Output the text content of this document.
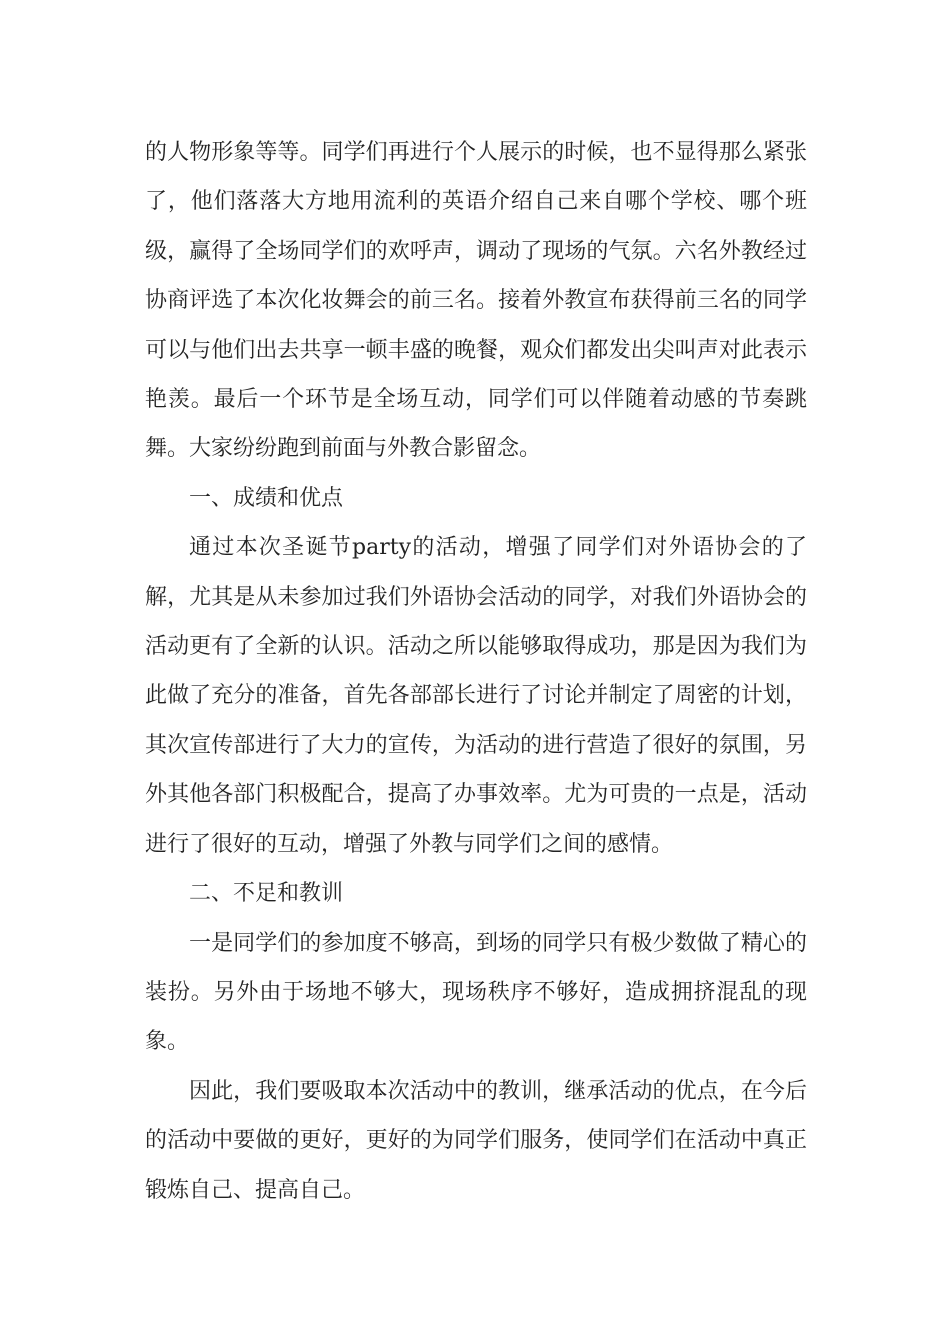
的人物形象等等。同学们再进行个人展示的时候，也不显得那么紧张了，他们落落大方地用流利的英语介绍自己来自哪个学校、哪个班级，赢得了全场同学们的欢呼声，调动了现场的气氛。六名外教经过协商评选了本次化妆舞会的前三名。接着外教宣布获得前三名的同学可以与他们出去共享一顿丰盛的晚餐，观众们都发出尖叫声对此表示艳羡。最后一个环节是全场互动，同学们可以伴随着动感的节奏跳舞。大家纷纷跑到前面与外教合影留念。

一、成绩和优点

通过本次圣诞节party的活动，增强了同学们对外语协会的了解，尤其是从未参加过我们外语协会活动的同学，对我们外语协会的活动更有了全新的认识。活动之所以能够取得成功，那是因为我们为此做了充分的准备，首先各部部长进行了讨论并制定了周密的计划，其次宣传部进行了大力的宣传，为活动的进行营造了很好的氛围，另外其他各部门积极配合，提高了办事效率。尤为可贵的一点是，活动进行了很好的互动，增强了外教与同学们之间的感情。

二、不足和教训

一是同学们的参加度不够高，到场的同学只有极少数做了精心的装扮。另外由于场地不够大，现场秩序不够好，造成拥挤混乱的现象。

因此，我们要吸取本次活动中的教训，继承活动的优点，在今后的活动中要做的更好，更好的为同学们服务，使同学们在活动中真正锻炼自己、提高自己。
